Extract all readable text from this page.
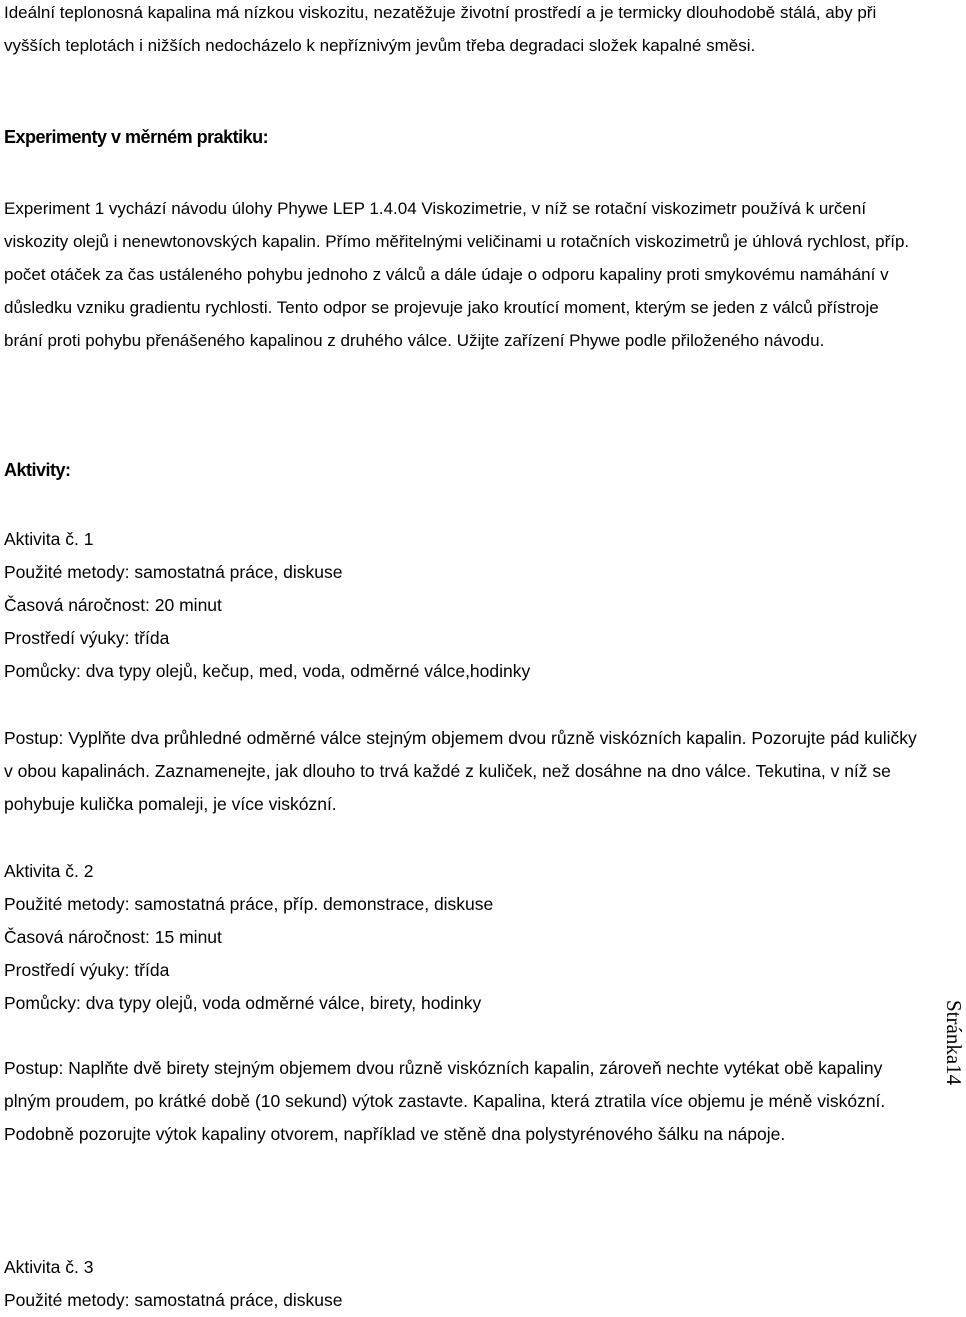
Ideální teplonosná kapalina má nízkou viskozitu, nezatěžuje životní prostředí a je termicky dlouhodobě stálá, aby při vyšších teplotách i nižších nedocházelo k nepříznivým jevům třeba degradaci složek kapalné směsi.

Experimenty v měrném praktiku:

Experiment 1 vychází návodu úlohy Phywe LEP 1.4.04 Viskozimetrie, v níž se rotační viskozimetr používá k určení viskozity olejů i nenewtonovských kapalin. Přímo měřitelnými veličinami u rotačních viskozimetrů je úhlová rychlost, příp. počet otáček za čas ustáleného pohybu jednoho z válců a dále údaje o odporu kapaliny proti smykovému namáhání v důsledku vzniku gradientu rychlosti. Tento odpor se projevuje jako kroutící moment, kterým se jeden z válců přístroje brání proti pohybu přenášeného kapalinou z druhého válce. Užijte zařízení Phywe podle přiloženého návodu.

Aktivity:

Aktivita č. 1

Použité metody: samostatná práce, diskuse

Časová náročnost: 20 minut

Prostředí výuky: třída

Pomůcky: dva typy olejů, kečup, med, voda, odměrné válce,hodinky

Postup: Vyplňte dva průhledné odměrné válce stejným objemem dvou různě viskózních kapalin. Pozorujte pád kuličky v obou kapalinách. Zaznamenejte, jak dlouho to trvá každé z kuliček, než dosáhne na dno válce. Tekutina, v níž se pohybuje kulička pomaleji, je více viskózní.

Aktivita č. 2

Použité metody: samostatná práce, příp. demonstrace, diskuse

Časová náročnost: 15 minut

Prostředí výuky: třída

Pomůcky: dva typy olejů, voda odměrné válce, birety, hodinky

Postup: Naplňte dvě birety stejným objemem dvou různě viskózních kapalin, zároveň nechte vytékat obě kapaliny plným proudem, po krátké době (10 sekund) výtok zastavte. Kapalina, která ztratila více objemu je méně viskózní. Podobně pozorujte výtok kapaliny otvorem, například ve stěně dna polystyrénového šálku na nápoje.

Aktivita č. 3

Použité metody: samostatná práce, diskuse

Stránka14
